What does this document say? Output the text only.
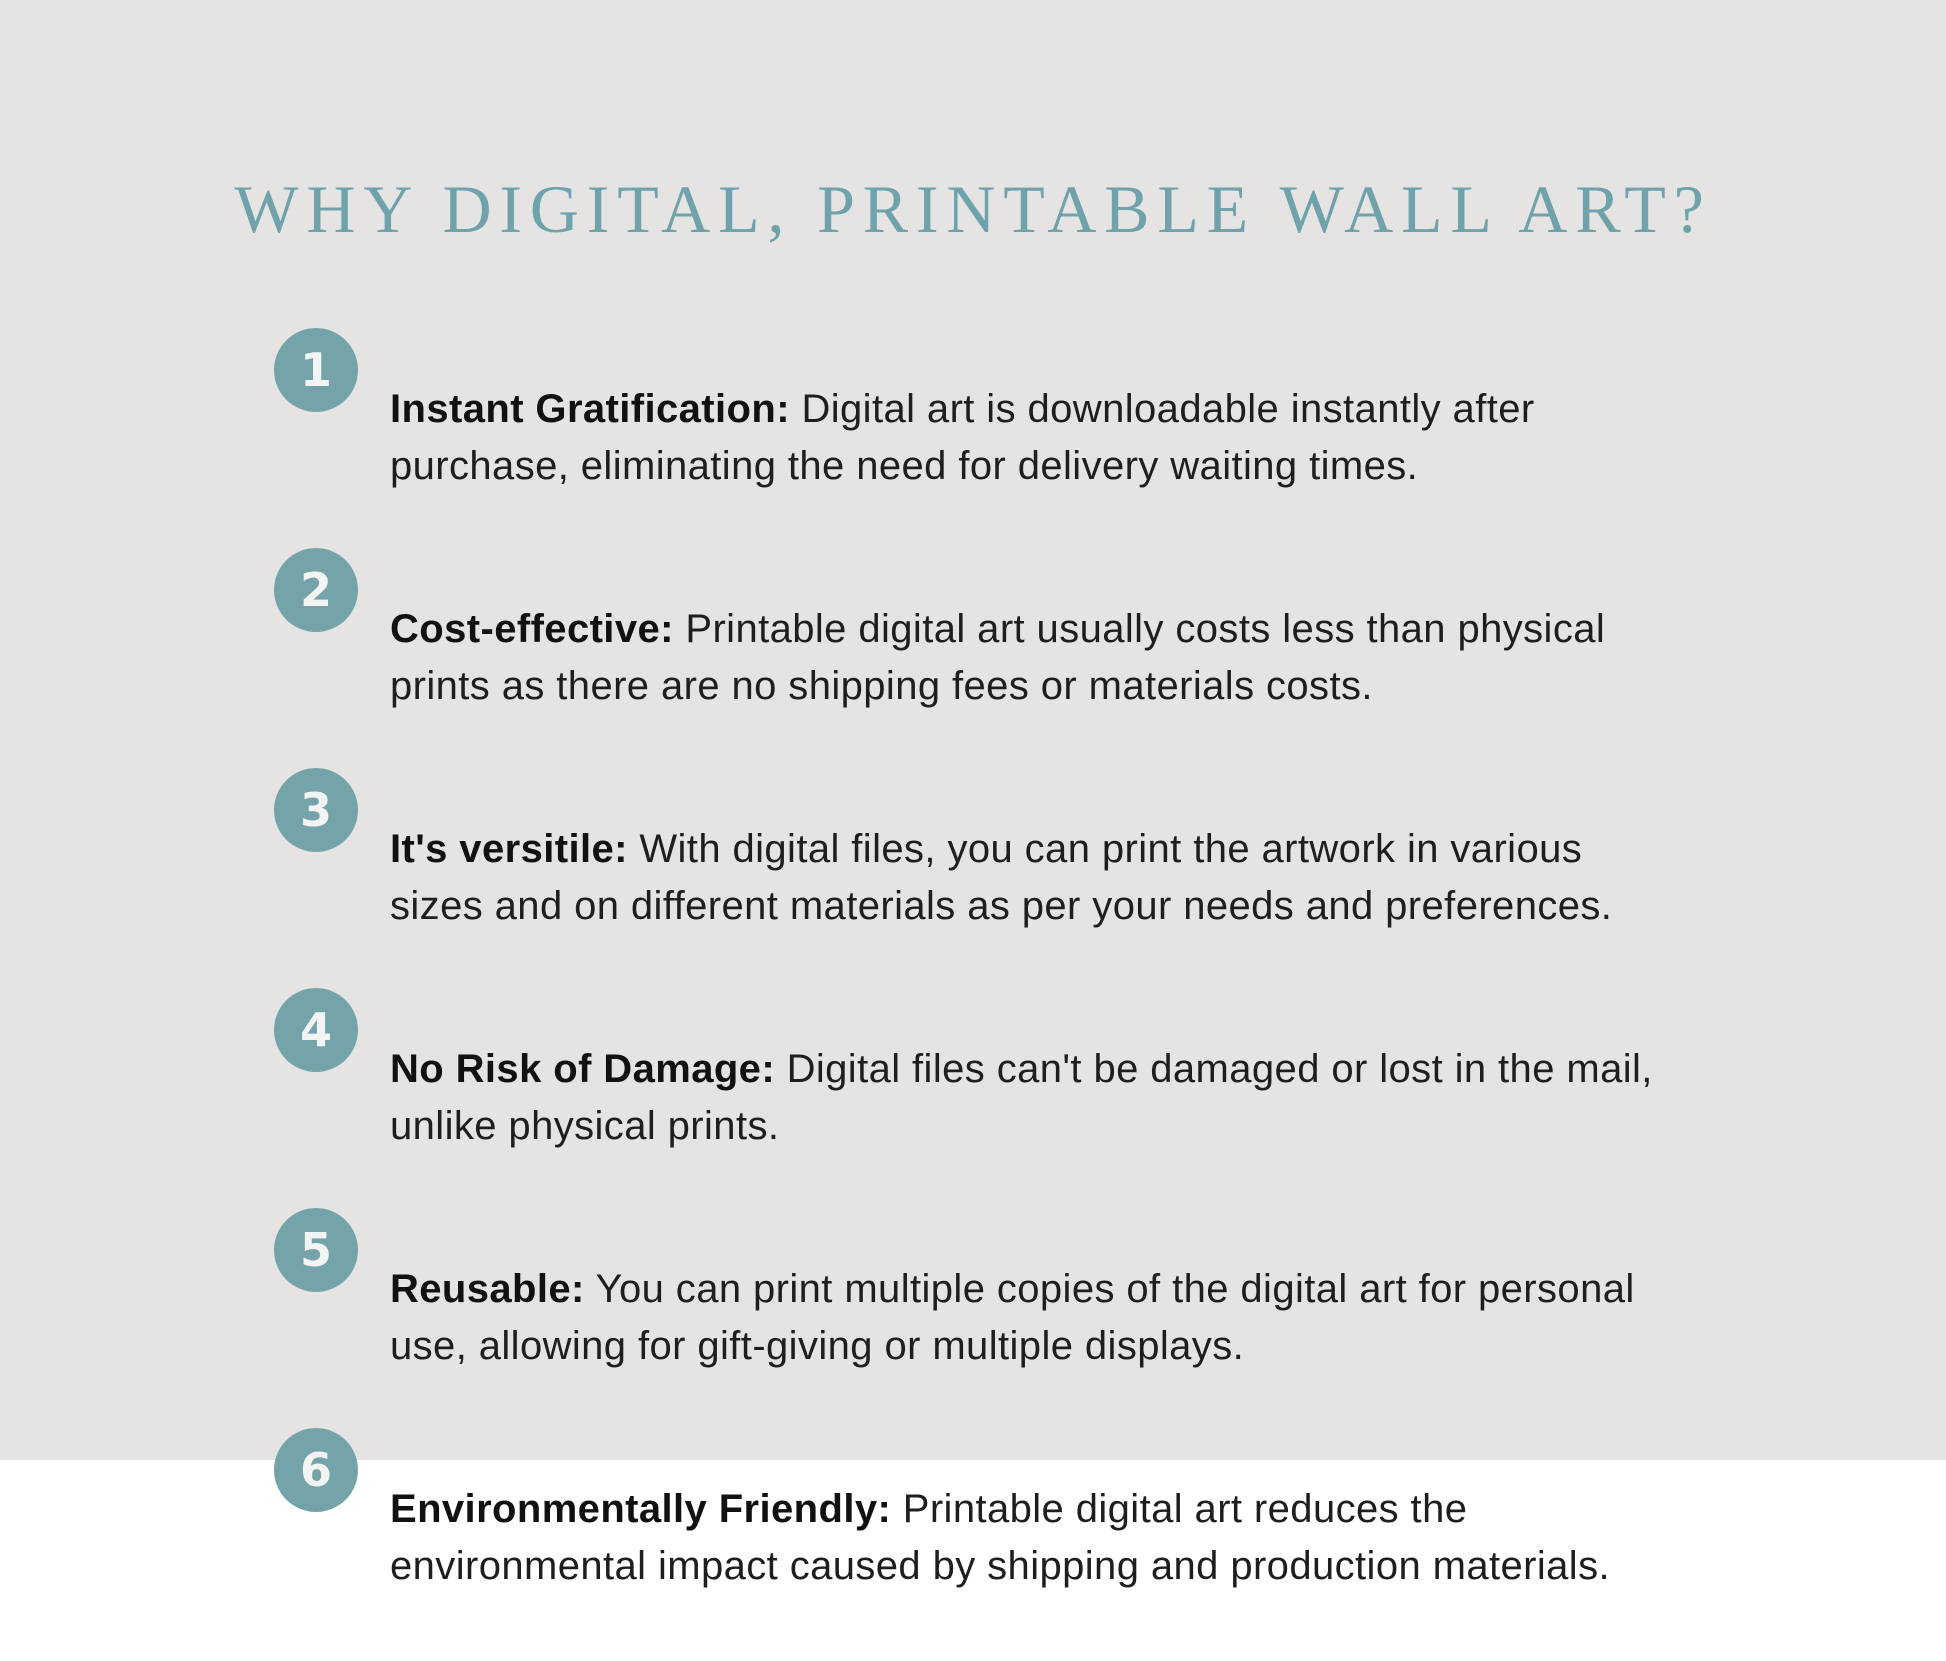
WHY DIGITAL, PRINTABLE WALL ART?
1

Instant Gratification: Digital art is downloadable instantly after purchase, eliminating the need for delivery waiting times.

2

Cost-effective: Printable digital art usually costs less than physical prints as there are no shipping fees or materials costs.

3

It's versitile: With digital files, you can print the artwork in various sizes and on different materials as per your needs and preferences.

4

No Risk of Damage: Digital files can't be damaged or lost in the mail, unlike physical prints.

5

Reusable: You can print multiple copies of the digital art for personal use, allowing for gift-giving or multiple displays.

6

Environmentally Friendly: Printable digital art reduces the environmental impact caused by shipping and production materials.
